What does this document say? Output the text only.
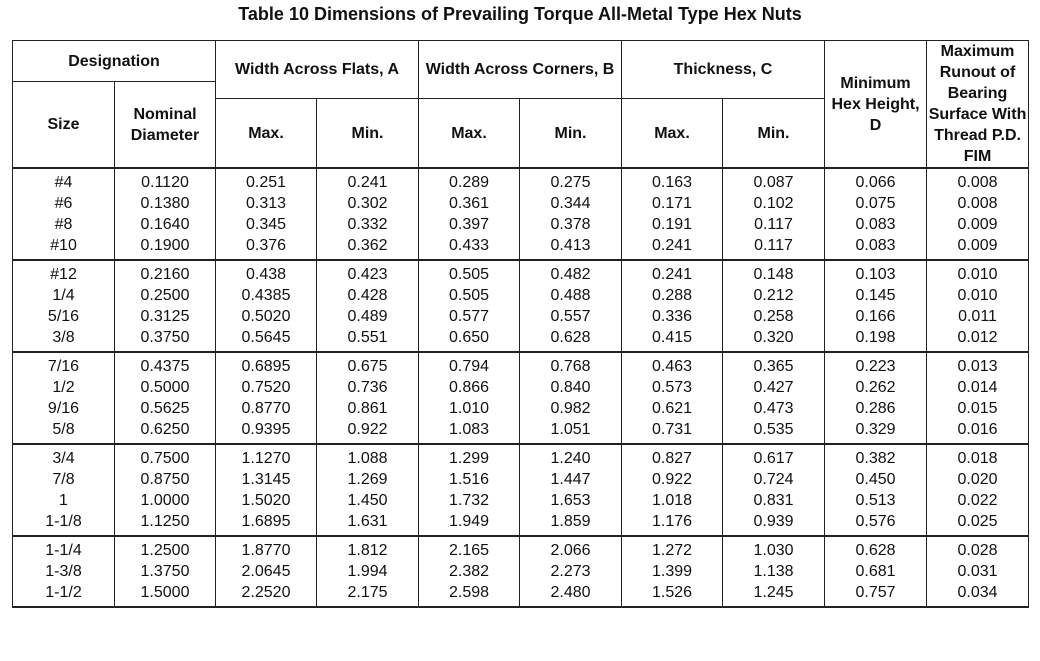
Table 10 Dimensions of Prevailing Torque All-Metal Type Hex Nuts
Designation		Width Across Flats, A		Width Across Corners, B		Thickness, C		Minimum Hex Height, D	Maximum Runout of Bearing Surface With Thread P.D. FIM
Size	Nominal Diameter								
		Max.	Min.	Max.	Min.	Max.	Min.		
#4	0.1120	0.251	0.241	0.289	0.275	0.163	0.087	0.066	0.008
#6	0.1380	0.313	0.302	0.361	0.344	0.171	0.102	0.075	0.008
#8	0.1640	0.345	0.332	0.397	0.378	0.191	0.117	0.083	0.009
#10	0.1900	0.376	0.362	0.433	0.413	0.241	0.117	0.083	0.009
#12	0.2160	0.438	0.423	0.505	0.482	0.241	0.148	0.103	0.010
1/4	0.2500	0.4385	0.428	0.505	0.488	0.288	0.212	0.145	0.010
5/16	0.3125	0.5020	0.489	0.577	0.557	0.336	0.258	0.166	0.011
3/8	0.3750	0.5645	0.551	0.650	0.628	0.415	0.320	0.198	0.012
7/16	0.4375	0.6895	0.675	0.794	0.768	0.463	0.365	0.223	0.013
1/2	0.5000	0.7520	0.736	0.866	0.840	0.573	0.427	0.262	0.014
9/16	0.5625	0.8770	0.861	1.010	0.982	0.621	0.473	0.286	0.015
5/8	0.6250	0.9395	0.922	1.083	1.051	0.731	0.535	0.329	0.016
3/4	0.7500	1.1270	1.088	1.299	1.240	0.827	0.617	0.382	0.018
7/8	0.8750	1.3145	1.269	1.516	1.447	0.922	0.724	0.450	0.020
1	1.0000	1.5020	1.450	1.732	1.653	1.018	0.831	0.513	0.022
1-1/8	1.1250	1.6895	1.631	1.949	1.859	1.176	0.939	0.576	0.025
1-1/4	1.2500	1.8770	1.812	2.165	2.066	1.272	1.030	0.628	0.028
1-3/8	1.3750	2.0645	1.994	2.382	2.273	1.399	1.138	0.681	0.031
1-1/2	1.5000	2.2520	2.175	2.598	2.480	1.526	1.245	0.757	0.034
